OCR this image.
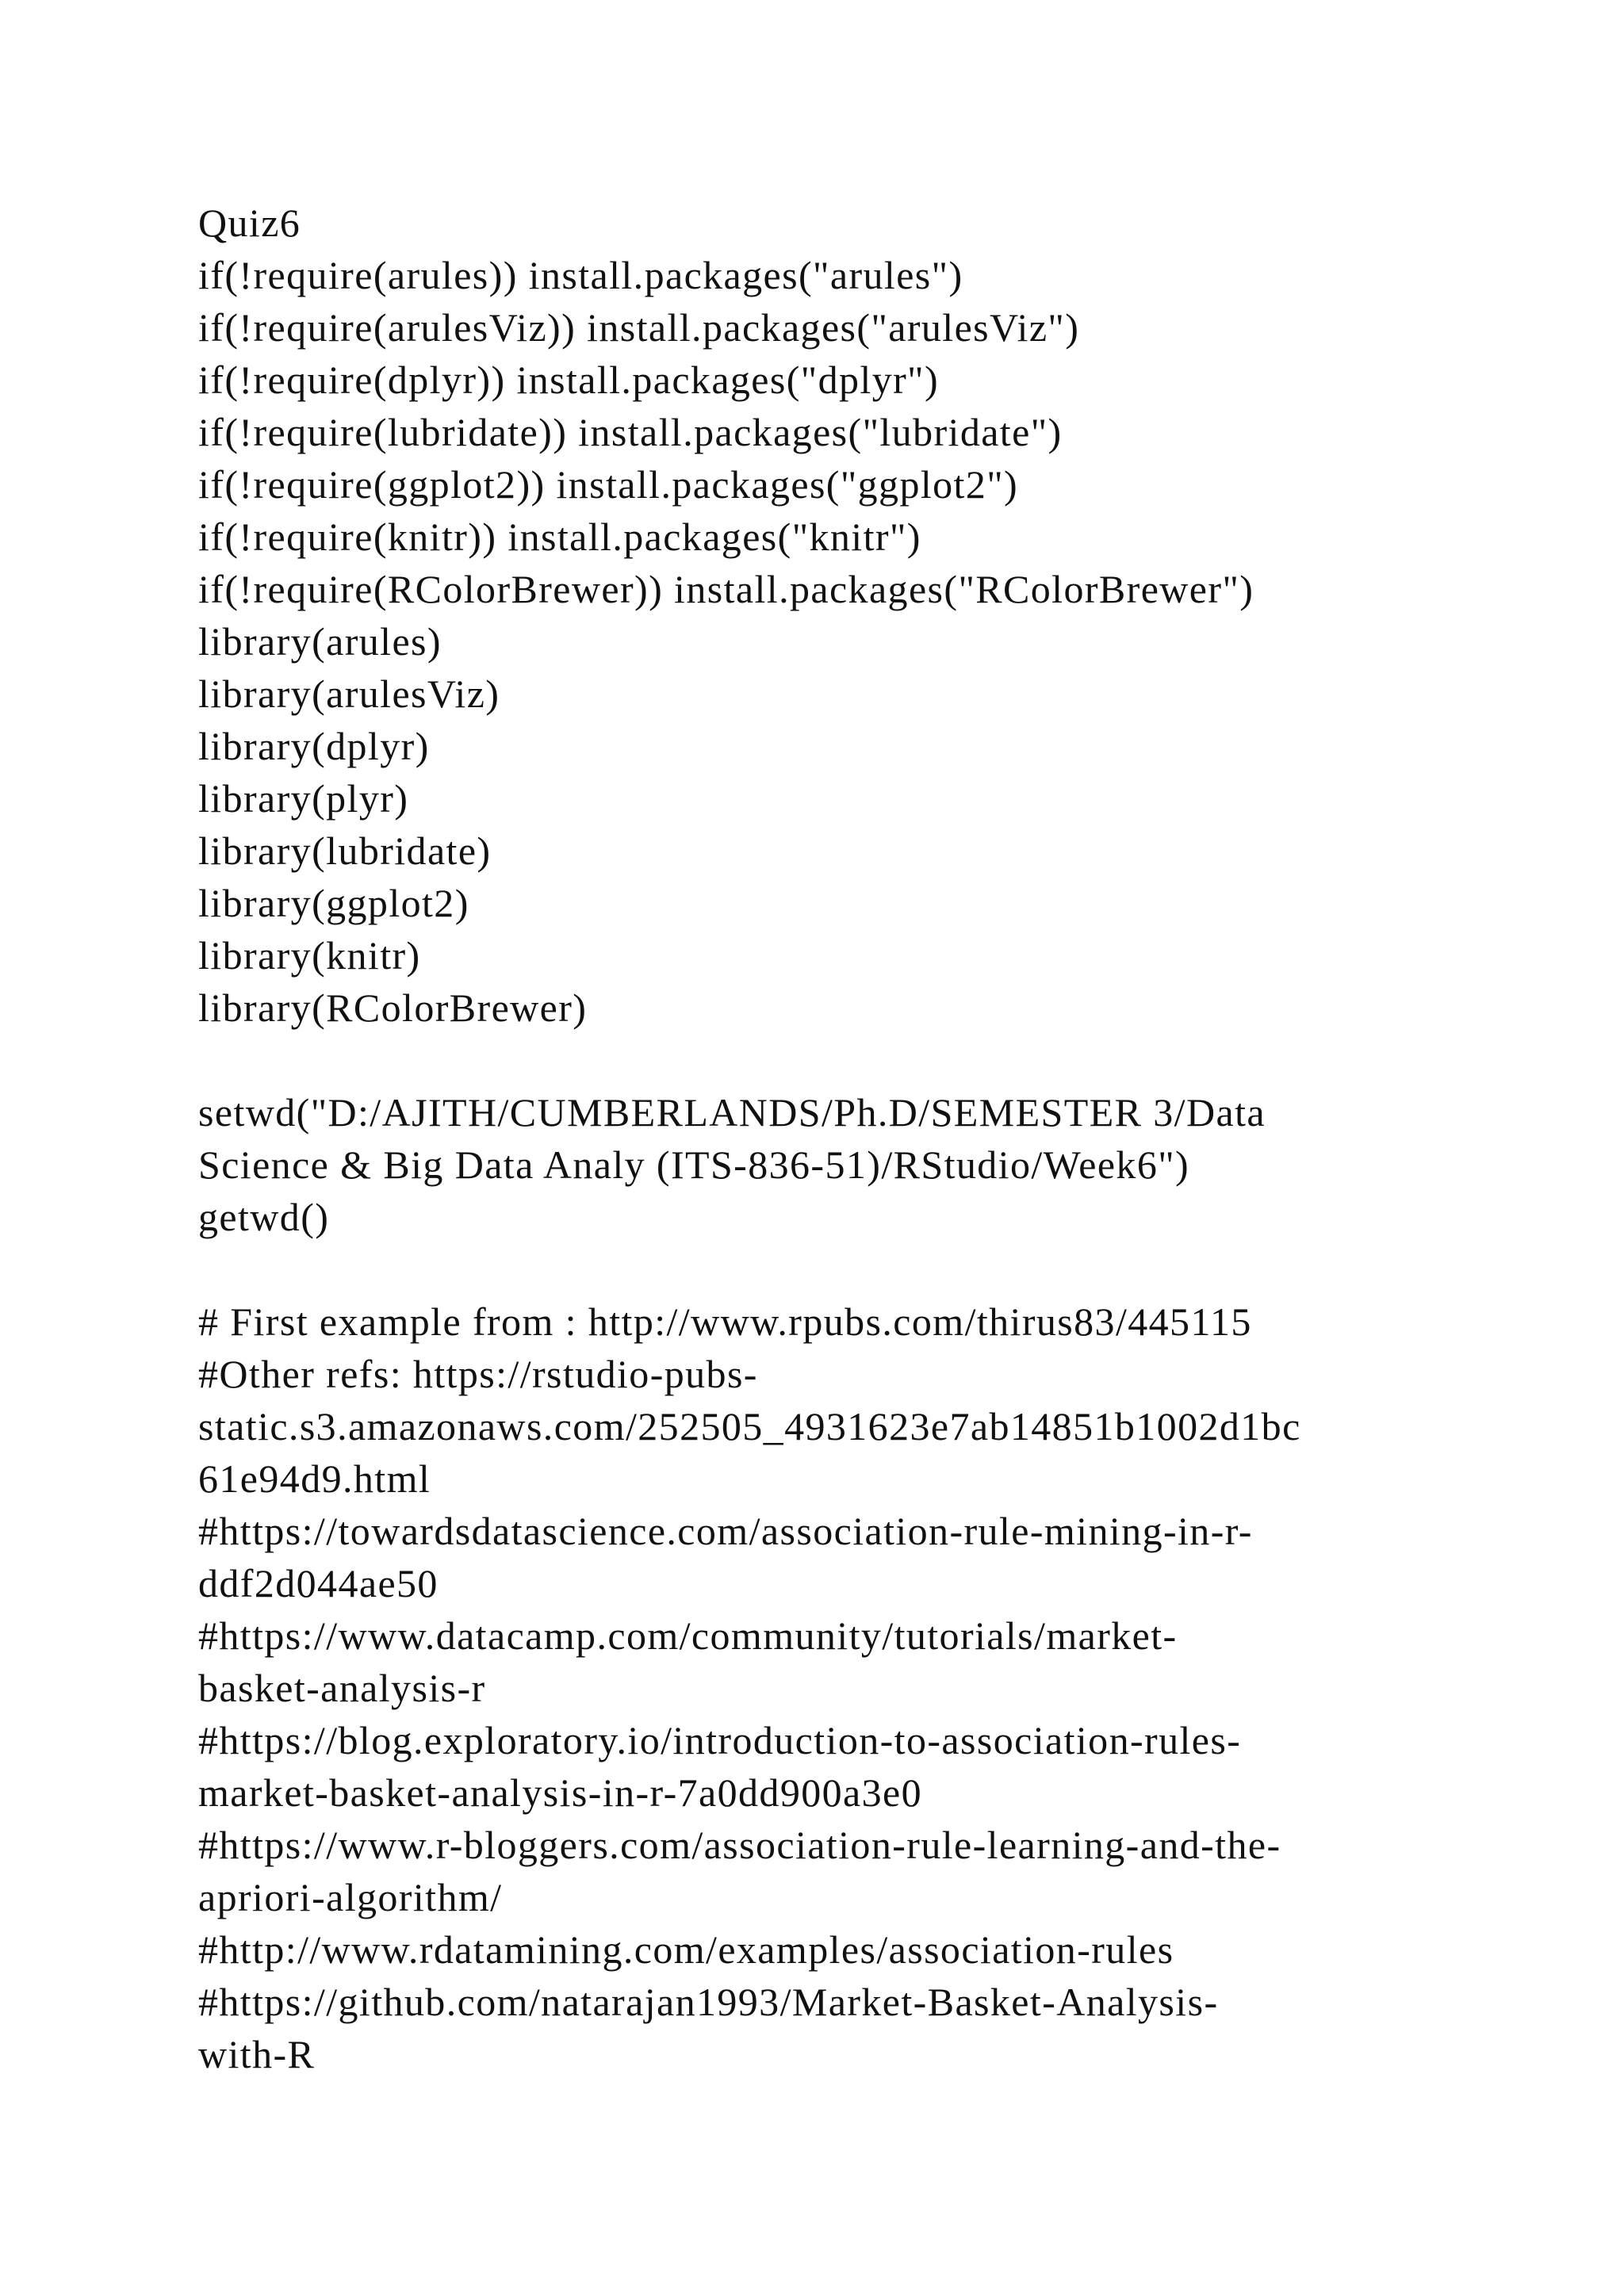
Quiz6
if(!require(arules)) install.packages("arules")
if(!require(arulesViz)) install.packages("arulesViz")
if(!require(dplyr)) install.packages("dplyr")
if(!require(lubridate)) install.packages("lubridate")
if(!require(ggplot2)) install.packages("ggplot2")
if(!require(knitr)) install.packages("knitr")
if(!require(RColorBrewer)) install.packages("RColorBrewer")
library(arules)
library(arulesViz)
library(dplyr)
library(plyr)
library(lubridate)
library(ggplot2)
library(knitr)
library(RColorBrewer)
setwd("D:/AJITH/CUMBERLANDS/Ph.D/SEMESTER 3/Data
Science & Big Data Analy (ITS-836-51)/RStudio/Week6")
getwd()
# First example from : http://www.rpubs.com/thirus83/445115
#Other refs: https://rstudio-pubs-
static.s3.amazonaws.com/252505_4931623e7ab14851b1002d1bc
61e94d9.html
#https://towardsdatascience.com/association-rule-mining-in-r-
ddf2d044ae50
#https://www.datacamp.com/community/tutorials/market-
basket-analysis-r
#https://blog.exploratory.io/introduction-to-association-rules-
market-basket-analysis-in-r-7a0dd900a3e0
#https://www.r-bloggers.com/association-rule-learning-and-the-
apriori-algorithm/
#http://www.rdatamining.com/examples/association-rules
#https://github.com/natarajan1993/Market-Basket-Analysis-
with-R
